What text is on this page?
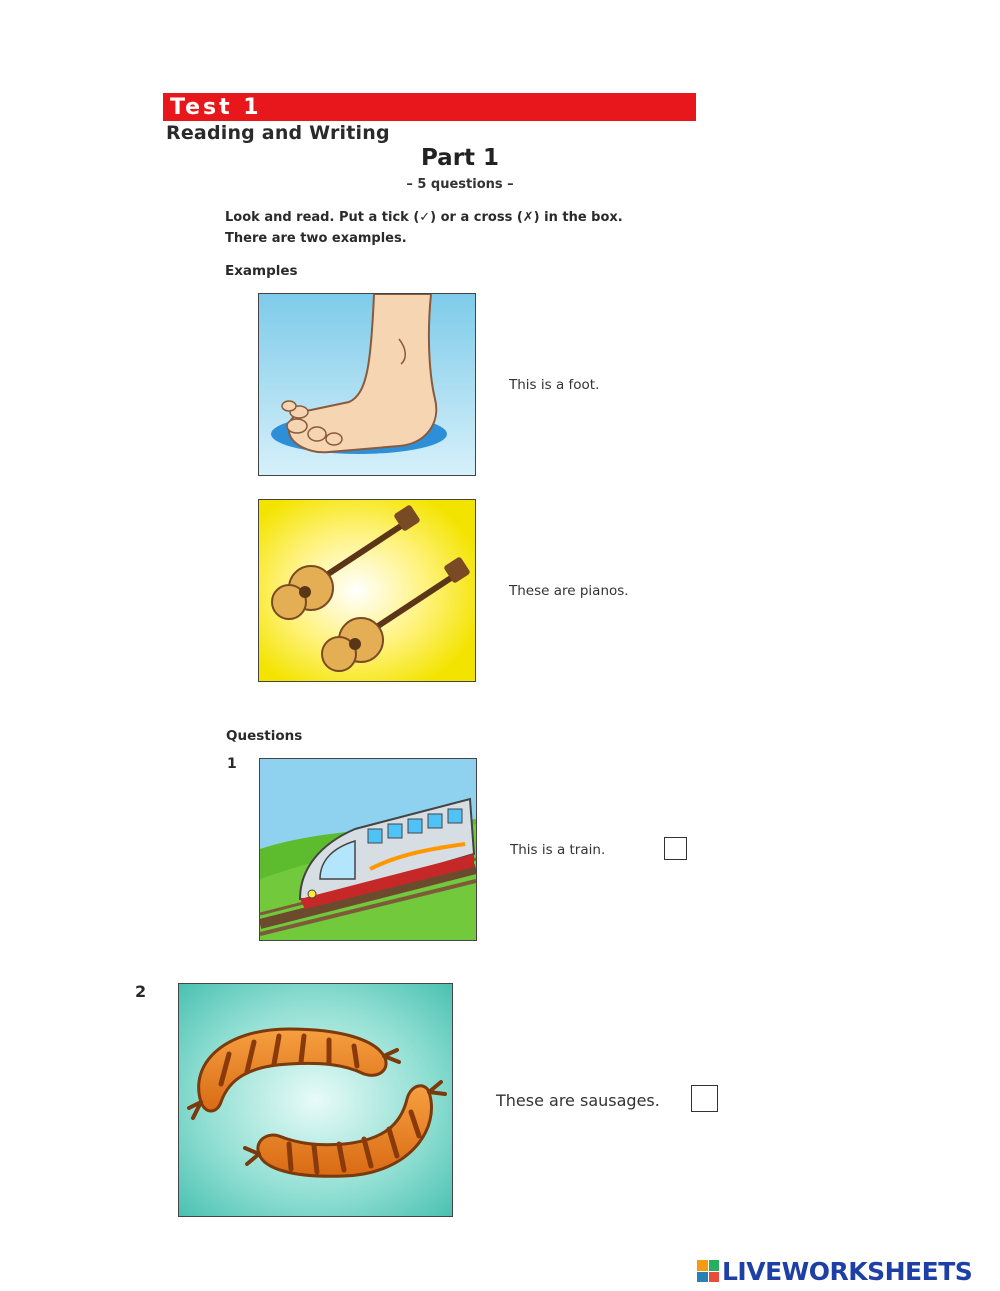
Test 1
Reading and Writing
Part 1
– 5 questions –
Look and read. Put a tick (✓) or a cross (✗) in the box.
There are two examples.
Examples
This is a foot.
These are pianos.
Questions
1
This is a train.
2
These are sausages.
LIVEWORKSHEETS
